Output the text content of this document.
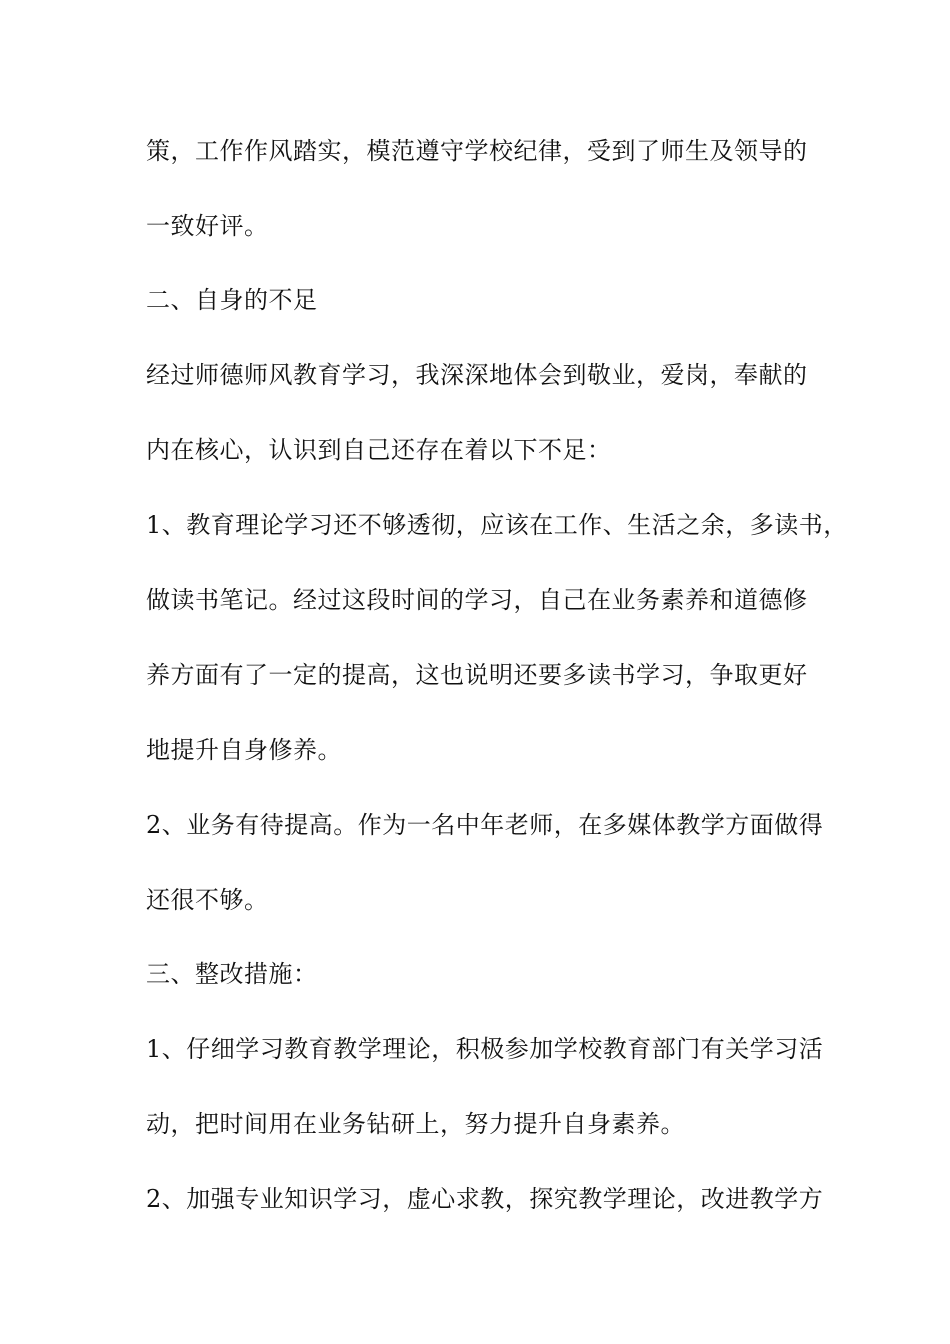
策，工作作风踏实，模范遵守学校纪律，受到了师生及领导的
一致好评。
二、自身的不足
经过师德师风教育学习，我深深地体会到敬业，爱岗，奉献的
内在核心，认识到自己还存在着以下不足：
1、教育理论学习还不够透彻，应该在工作、生活之余，多读书，
做读书笔记。经过这段时间的学习，自己在业务素养和道德修
养方面有了一定的提高，这也说明还要多读书学习，争取更好
地提升自身修养。
2、业务有待提高。作为一名中年老师，在多媒体教学方面做得
还很不够。
三、整改措施：
1、仔细学习教育教学理论，积极参加学校教育部门有关学习活
动，把时间用在业务钻研上，努力提升自身素养。
2、加强专业知识学习，虚心求教，探究教学理论，改进教学方
